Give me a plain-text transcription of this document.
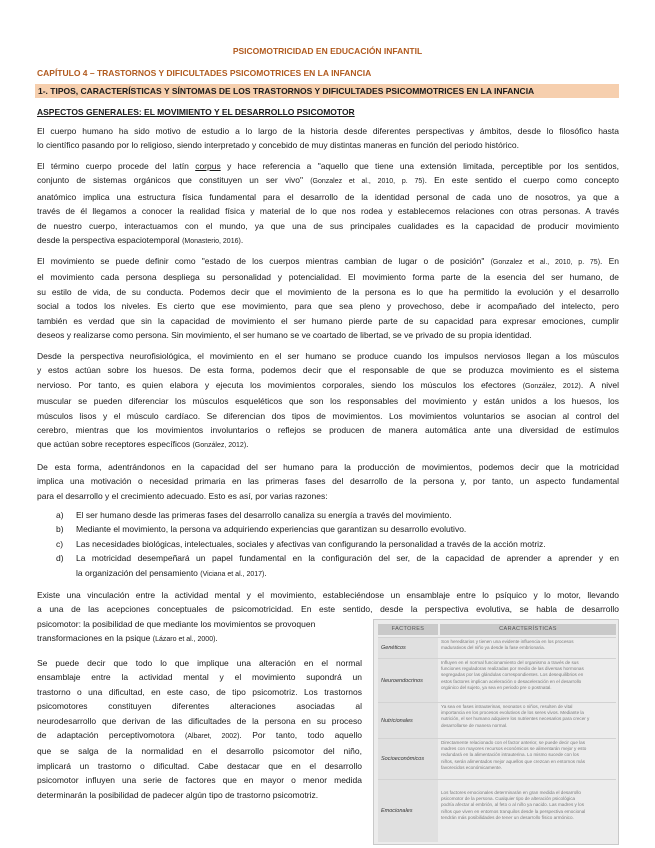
PSICOMOTRICIDAD EN EDUCACIÓN INFANTIL
CAPÍTULO 4 – TRASTORNOS Y DIFICULTADES PSICOMOTRICES EN LA INFANCIA
1-. TIPOS, CARACTERÍSTICAS Y SÍNTOMAS DE LOS TRASTORNOS Y DIFICULTADES PSICOMMOTRICES EN LA INFANCIA
ASPECTOS GENERALES: EL MOVIMIENTO Y EL DESARROLLO PSICOMOTOR

El cuerpo humano ha sido motivo de estudio a lo largo de la historia desde diferentes perspectivas y ámbitos, desde lo filosófico hasta

lo científico pasando por lo religioso, siendo interpretado y concebido de muy distintas maneras en función del periodo histórico.

El término cuerpo procede del latín corpus y hace referencia a "aquello que tiene una extensión limitada, perceptible por los sentidos,

conjunto de sistemas orgánicos que constituyen un ser vivo" (Gonzalez et al., 2010, p. 75). En este sentido el cuerpo como concepto

anatómico implica una estructura física fundamental para el desarrollo de la identidad personal de cada uno de nosotros, ya que a

través de él llegamos a conocer la realidad física y material de lo que nos rodea y establecemos relaciones con otras personas. A través

de nuestro cuerpo, interactuamos con el mundo, ya que una de sus principales cualidades es la capacidad de producir movimiento

desde la perspectiva espaciotemporal (Monasterio, 2016).

El movimiento se puede definir como "estado de los cuerpos mientras cambian de lugar o de posición" (Gonzalez et al., 2010, p. 75). En

el movimiento cada persona despliega su personalidad y potencialidad. El movimiento forma parte de la esencia del ser humano, de

su estilo de vida, de su conducta. Podemos decir que el movimiento de la persona es lo que ha permitido la evolución y el desarrollo

social a todos los niveles. Es cierto que ese movimiento, para que sea pleno y provechoso, debe ir acompañado del intelecto, pero

también es verdad que sin la capacidad de movimiento el ser humano pierde parte de su capacidad para expresar emociones, cumplir

deseos y realizarse como persona. Sin movimiento, el ser humano se ve coartado de libertad, se ve privado de su propia identidad.

Desde la perspectiva neurofisiológica, el movimiento en el ser humano se produce cuando los impulsos nerviosos llegan a los músculos

y estos actúan sobre los huesos. De esta forma, podemos decir que el responsable de que se produzca movimiento es el sistema

nervioso. Por tanto, es quien elabora y ejecuta los movimientos corporales, siendo los músculos los efectores (González, 2012). A nivel

muscular se pueden diferenciar los músculos esqueléticos que son los responsables del movimiento y están unidos a los huesos, los

músculos lisos y el músculo cardíaco. Se diferencian dos tipos de movimientos. Los movimientos voluntarios se asocian al control del

cerebro, mientras que los movimientos involuntarios o reflejos se producen de manera automática ante una diversidad de estímulos

que actúan sobre receptores específicos (González, 2012).

De esta forma, adentrándonos en la capacidad del ser humano para la producción de movimientos, podemos decir que la motricidad

implica una motivación o necesidad primaria en las primeras fases del desarrollo de la persona y, por tanto, un aspecto fundamental

para el desarrollo y el crecimiento adecuado. Esto es así, por varias razones:

a) El ser humano desde las primeras fases del desarrollo canaliza su energía a través del movimiento.

b) Mediante el movimiento, la persona va adquiriendo experiencias que garantizan su desarrollo evolutivo.

c) Las necesidades biológicas, intelectuales, sociales y afectivas van configurando la personalidad a través de la acción motriz.

d) La motricidad desempeñará un papel fundamental en la configuración del ser, de la capacidad de aprender a aprender y en

la organización del pensamiento (Viciana et al., 2017).

Existe una vinculación entre la actividad mental y el movimiento, estableciéndose un ensamblaje entre lo psíquico y lo motor, llevando

a una de las acepciones conceptuales de psicomotricidad. En este sentido, desde la perspectiva evolutiva, se habla de desarrollo

psicomotor: la posibilidad de que mediante los movimientos se provoquen

transformaciones en la psique (Lázaro et al., 2000).

Se puede decir que todo lo que implique una alteración en el normal

ensamblaje entre la actividad mental y el movimiento supondrá un

trastorno o una dificultad, en este caso, de tipo psicomotriz. Los trastornos

psicomotores constituyen diferentes alteraciones asociadas al

neurodesarrollo que derivan de las dificultades de la persona en su proceso

de adaptación perceptivomotora (Albaret, 2002). Por tanto, todo aquello

que se salga de la normalidad en el desarrollo psicomotor del niño,

implicará un trastorno o dificultad. Cabe destacar que en el desarrollo

psicomotor influyen una serie de factores que en mayor o menor medida

determinarán la posibilidad de padecer algún tipo de trastorno psicomotriz.

FACTORES	CARACTERÍSTICAS
Genéticos
Son hereditarios y tienen una evidente influencia en los procesos
madurativos del niño ya desde la fase embrionaria.
Neuroendocrinos
Influyen en el normal funcionamiento del organismo a través de sus
funciones reguladoras realizadas por medio de las diversas hormonas
segregadas por las glándulas correspondientes. Los desequilibrios en
estos factores implican aceleración o desaceleración en el desarrollo
orgánico del sujeto, ya sea en periodo pre o postnatal.
Nutricionales
Ya sea en fases intrauterinas, neonatos o niños, resulten de vital
importancia en los procesos evolutivos de los seres vivos. Mediante la
nutrición, el ser humano adquiere los nutrientes necesarios para crecer y
desarrollarse de manera normal.
Socioeconómicos
Directamente relacionado con el factor anterior, se puede decir que las
madres con mayores recursos económicos se alimentarán mejor y esto
redundará en la alimentación intrauterina. Lo mismo sucede con los
niños, serán alimentados mejor aquellos que crezcan en entornos más
favorecidos económicamente.
Emocionales
Los factores emocionales determinarán en gran medida el desarrollo
psicomotor de la persona. Cualquier tipo de alteración psicológica
podría afectar al embrión, al feto o al niño ya nacido. Las madres y los
niños que viven en entornos tranquilos desde la perspectiva emocional
tendrán más posibilidades de tener un desarrollo físico armónico.
